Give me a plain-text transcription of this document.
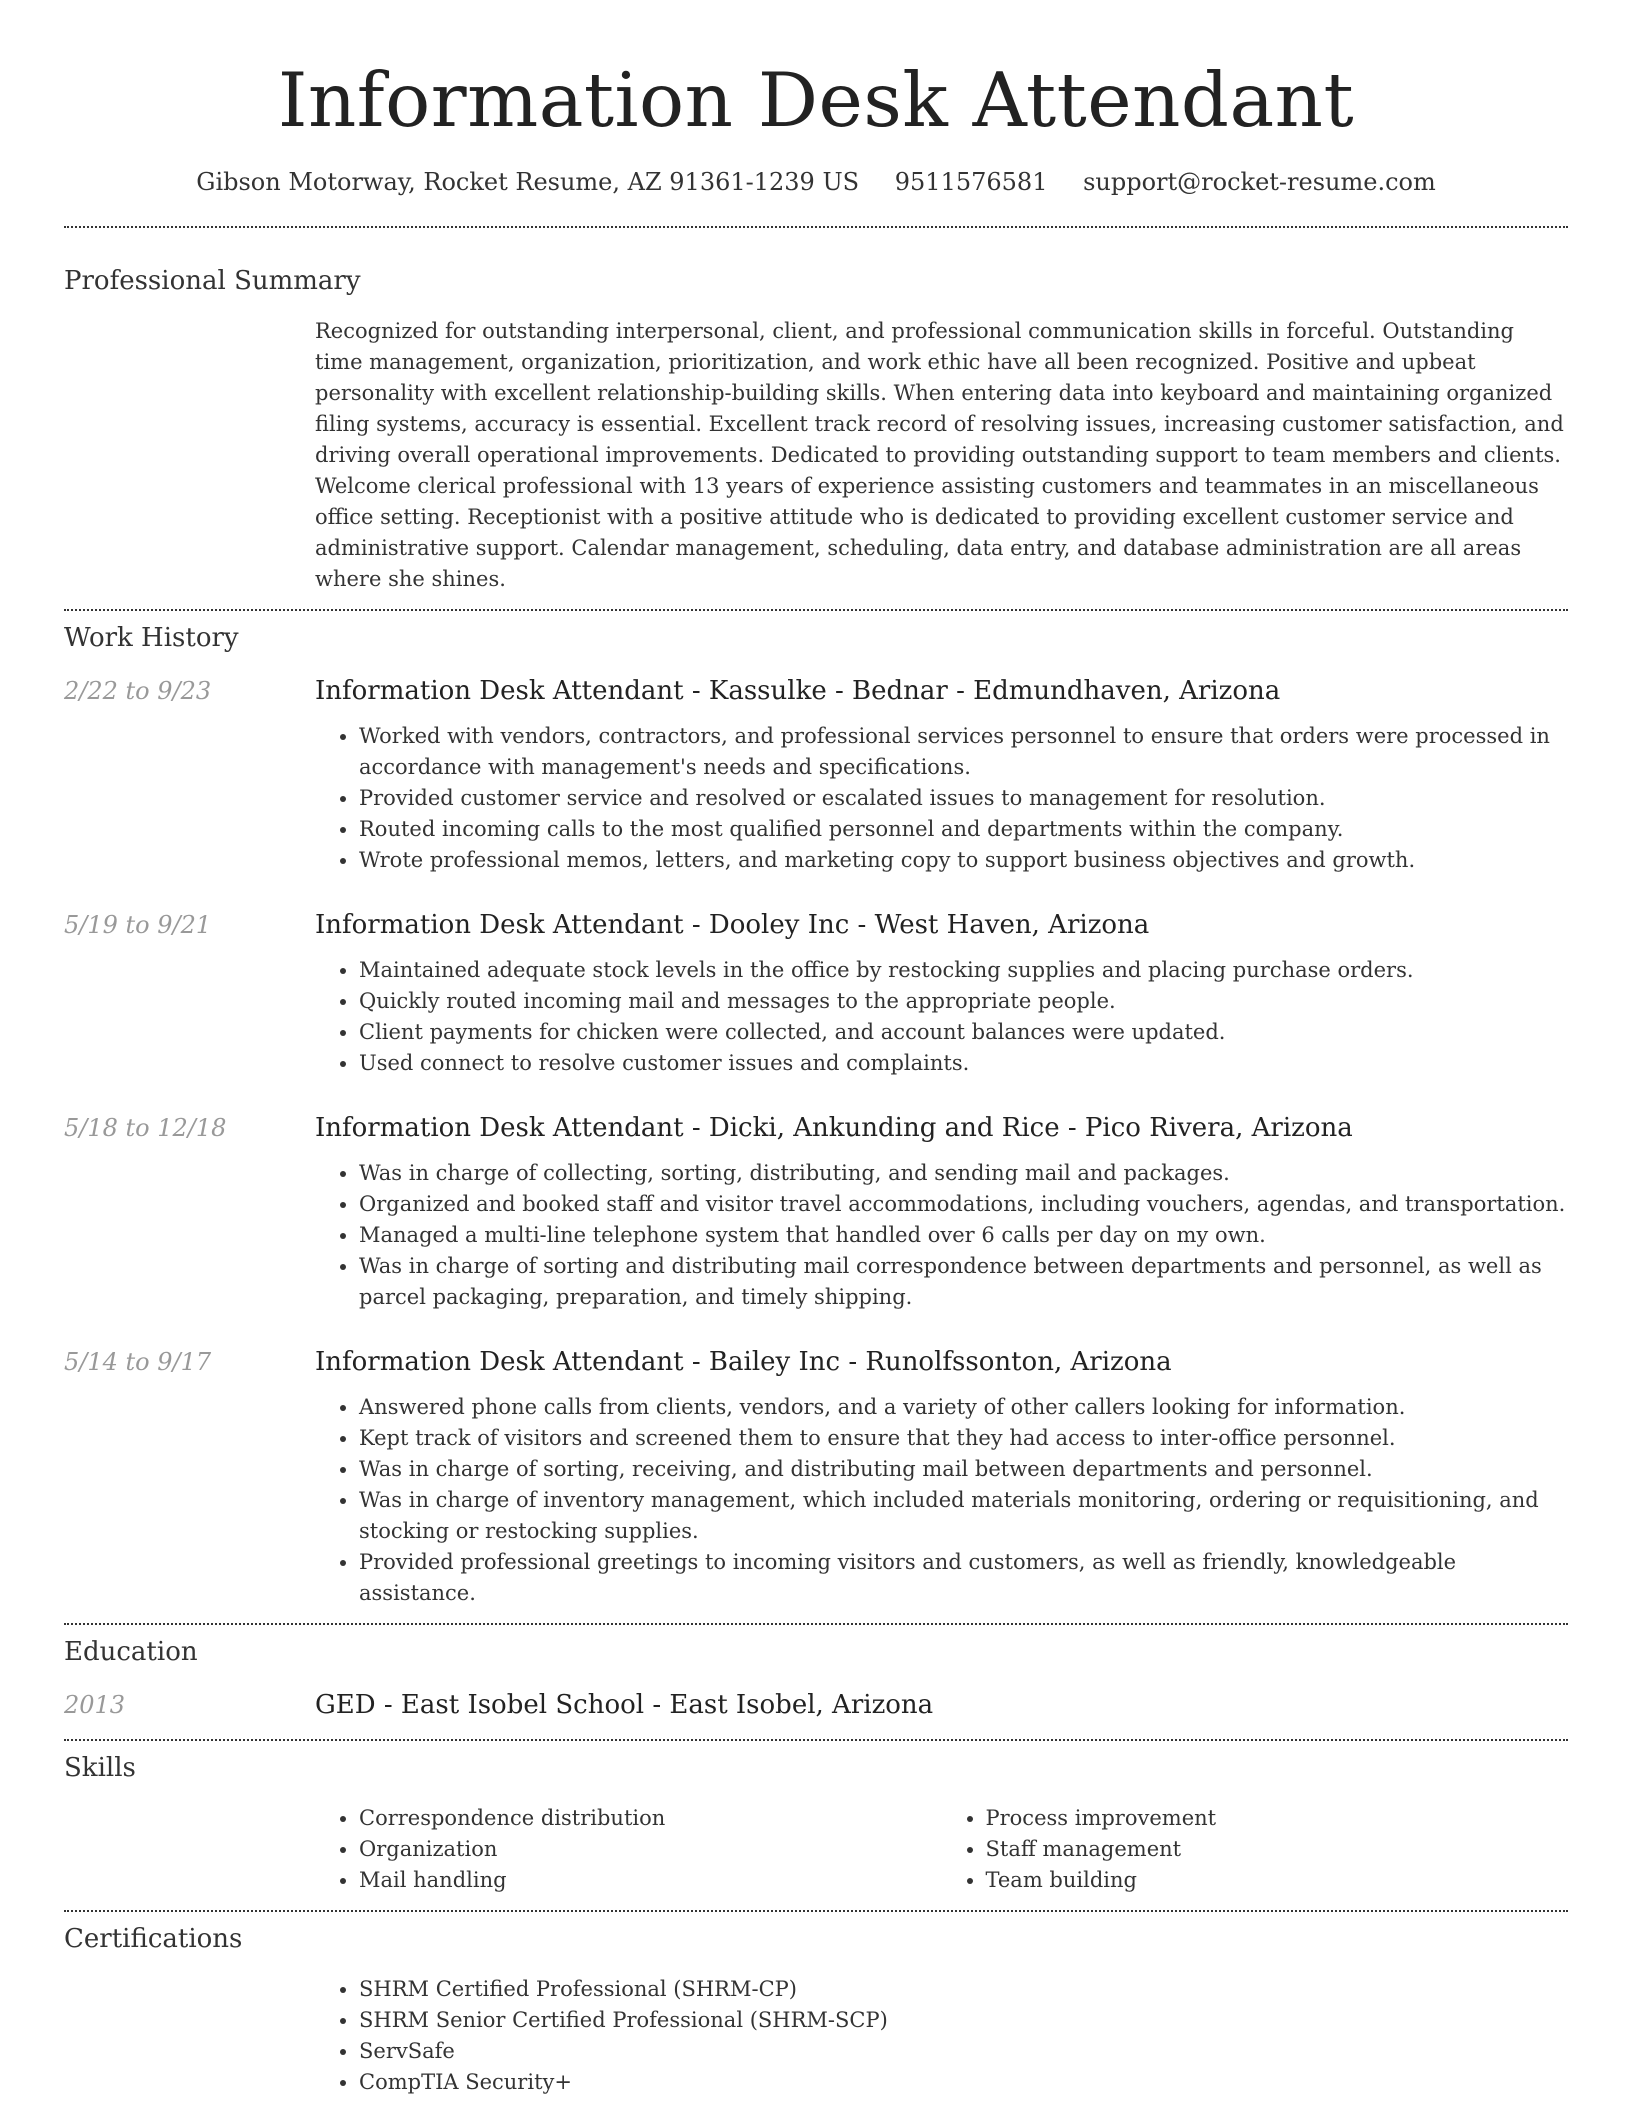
Information Desk Attendant
Gibson Motorway, Rocket Resume, AZ 91361-1239 US 9511576581 support@rocket-resume.com
Professional Summary

Recognized for outstanding interpersonal, client, and professional communication skills in forceful. Outstanding time management, organization, prioritization, and work ethic have all been recognized. Positive and upbeat personality with excellent relationship-building skills. When entering data into keyboard and maintaining organized filing systems, accuracy is essential. Excellent track record of resolving issues, increasing customer satisfaction, and driving overall operational improvements. Dedicated to providing outstanding support to team members and clients. Welcome clerical professional with 13 years of experience assisting customers and teammates in an miscellaneous office setting. Receptionist with a positive attitude who is dedicated to providing excellent customer service and administrative support. Calendar management, scheduling, data entry, and database administration are all areas where she shines.

Work History
2/22 to 9/23	Information Desk Attendant - Kassulke - Bednar - Edmundhaven, Arizona
• Worked with vendors, contractors, and professional services personnel to ensure that orders were processed in accordance with management's needs and specifications.
• Provided customer service and resolved or escalated issues to management for resolution.
• Routed incoming calls to the most qualified personnel and departments within the company.
• Wrote professional memos, letters, and marketing copy to support business objectives and growth.
5/19 to 9/21	Information Desk Attendant - Dooley Inc - West Haven, Arizona
• Maintained adequate stock levels in the office by restocking supplies and placing purchase orders.
• Quickly routed incoming mail and messages to the appropriate people.
• Client payments for chicken were collected, and account balances were updated.
• Used connect to resolve customer issues and complaints.
5/18 to 12/18	Information Desk Attendant - Dicki, Ankunding and Rice - Pico Rivera, Arizona
• Was in charge of collecting, sorting, distributing, and sending mail and packages.
• Organized and booked staff and visitor travel accommodations, including vouchers, agendas, and transportation.
• Managed a multi-line telephone system that handled over 6 calls per day on my own.
• Was in charge of sorting and distributing mail correspondence between departments and personnel, as well as parcel packaging, preparation, and timely shipping.
5/14 to 9/17	Information Desk Attendant - Bailey Inc - Runolfssonton, Arizona
• Answered phone calls from clients, vendors, and a variety of other callers looking for information.
• Kept track of visitors and screened them to ensure that they had access to inter-office personnel.
• Was in charge of sorting, receiving, and distributing mail between departments and personnel.
• Was in charge of inventory management, which included materials monitoring, ordering or requisitioning, and stocking or restocking supplies.
• Provided professional greetings to incoming visitors and customers, as well as friendly, knowledgeable assistance.
Education
2013	GED - East Isobel School - East Isobel, Arizona
Skills
• Correspondence distribution
• Organization
• Mail handling
• Process improvement
• Staff management
• Team building
Certifications
• SHRM Certified Professional (SHRM-CP)
• SHRM Senior Certified Professional (SHRM-SCP)
• ServSafe
• CompTIA Security+
